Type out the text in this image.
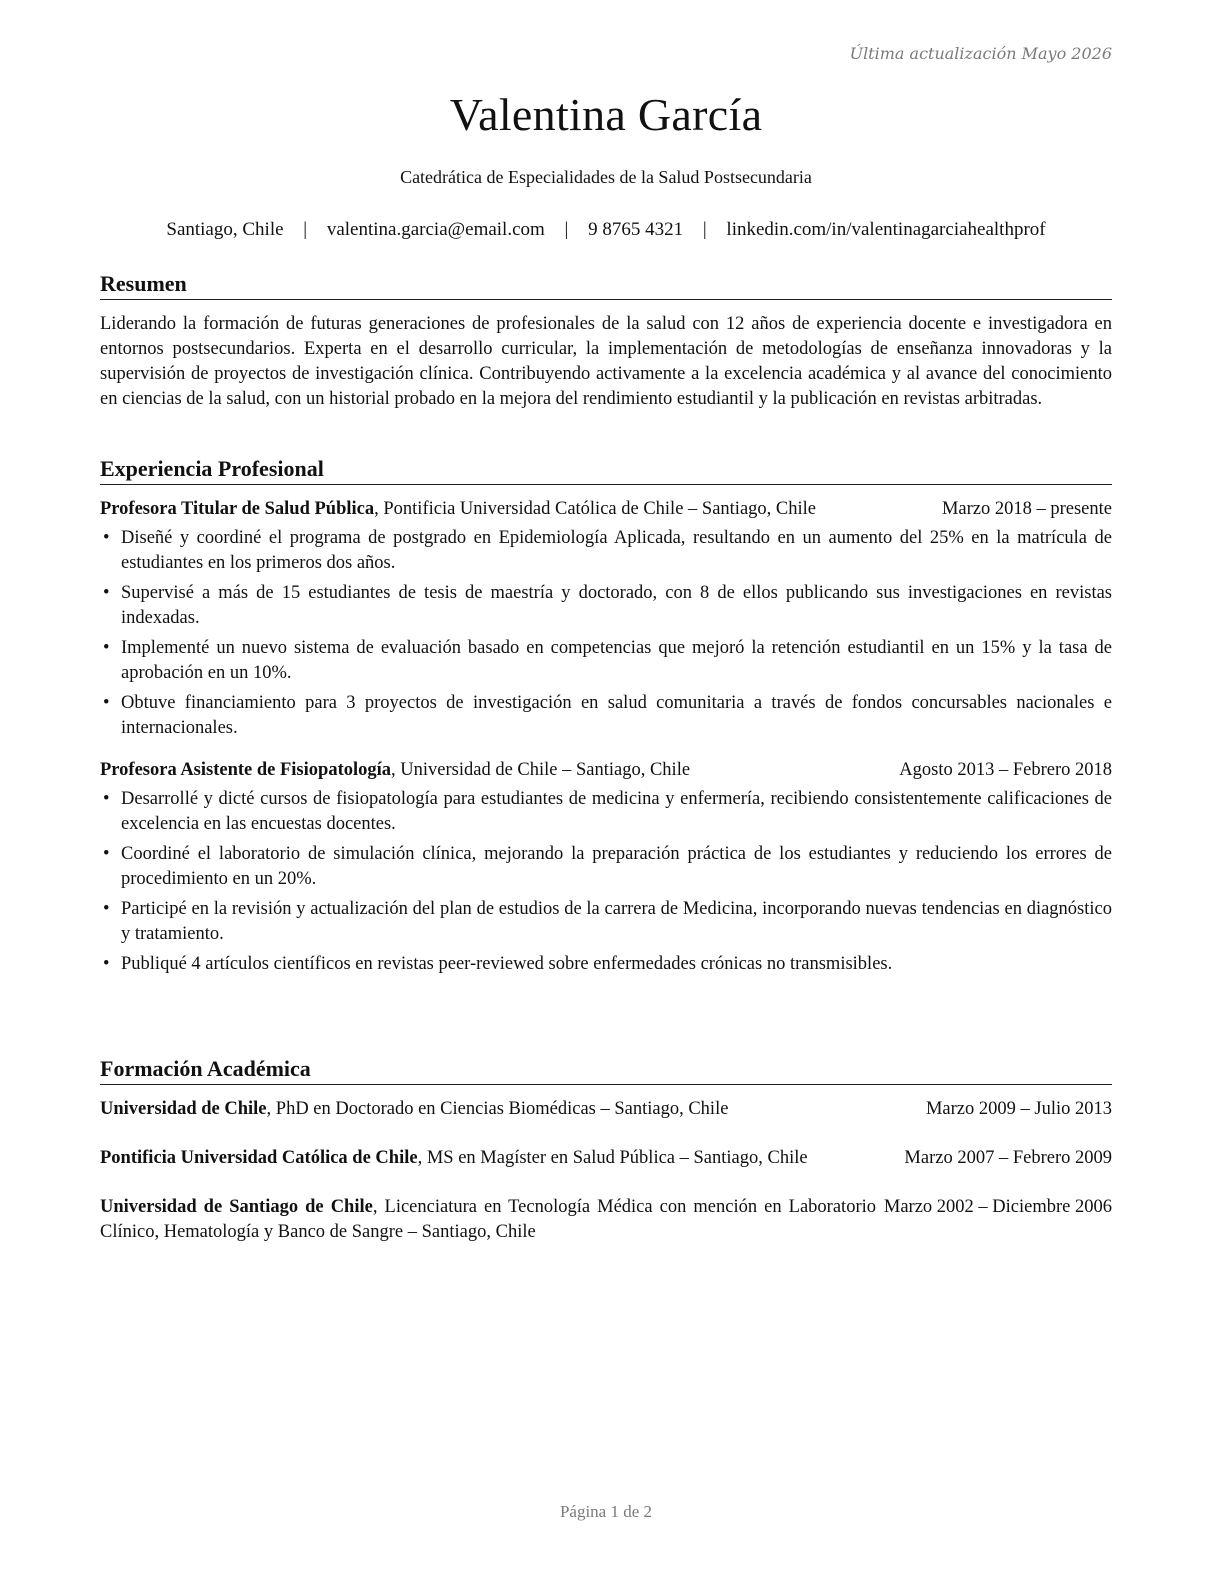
Última actualización Mayo 2026
Valentina García
Catedrática de Especialidades de la Salud Postsecundaria
Santiago, Chile | valentina.garcia@email.com | 9 8765 4321 | linkedin.com/in/valentinagarciahealthprof
Resumen

Liderando la formación de futuras generaciones de profesionales de la salud con 12 años de experiencia docente e investigadora en entornos postsecundarios. Experta en el desarrollo curricular, la implementación de metodologías de enseñanza innovadoras y la supervisión de proyectos de investigación clínica. Contribuyendo activamente a la excelencia académica y al avance del conocimiento en ciencias de la salud, con un historial probado en la mejora del rendimiento estudiantil y la publicación en revistas arbitradas.

Experiencia Profesional
Profesora Titular de Salud Pública, Pontificia Universidad Católica de Chile – Santiago, Chile	Marzo 2018 – presente
• Diseñé y coordiné el programa de postgrado en Epidemiología Aplicada, resultando en un aumento del 25% en la matrícula de estudiantes en los primeros dos años.
• Supervisé a más de 15 estudiantes de tesis de maestría y doctorado, con 8 de ellos publicando sus investigaciones en revistas indexadas.
• Implementé un nuevo sistema de evaluación basado en competencias que mejoró la retención estudiantil en un 15% y la tasa de aprobación en un 10%.
• Obtuve financiamiento para 3 proyectos de investigación en salud comunitaria a través de fondos concursables nacionales e internacionales.
Profesora Asistente de Fisiopatología, Universidad de Chile – Santiago, Chile	Agosto 2013 – Febrero 2018
• Desarrollé y dicté cursos de fisiopatología para estudiantes de medicina y enfermería, recibiendo consistentemente calificaciones de excelencia en las encuestas docentes.
• Coordiné el laboratorio de simulación clínica, mejorando la preparación práctica de los estudiantes y reduciendo los errores de procedimiento en un 20%.
• Participé en la revisión y actualización del plan de estudios de la carrera de Medicina, incorporando nuevas tendencias en diagnóstico y tratamiento.
• Publiqué 4 artículos científicos en revistas peer-reviewed sobre enfermedades crónicas no transmisibles.
Formación Académica
Universidad de Chile, PhD en Doctorado en Ciencias Biomédicas – Santiago, Chile	Marzo 2009 – Julio 2013
Pontificia Universidad Católica de Chile, MS en Magíster en Salud Pública – Santiago, Chile	Marzo 2007 – Febrero 2009
Universidad de Santiago de Chile, Licenciatura en Tecnología Médica con mención en Laboratorio Clínico, Hematología y Banco de Sangre – Santiago, Chile
Marzo 2002 – Diciembre 2006
Página 1 de 2
